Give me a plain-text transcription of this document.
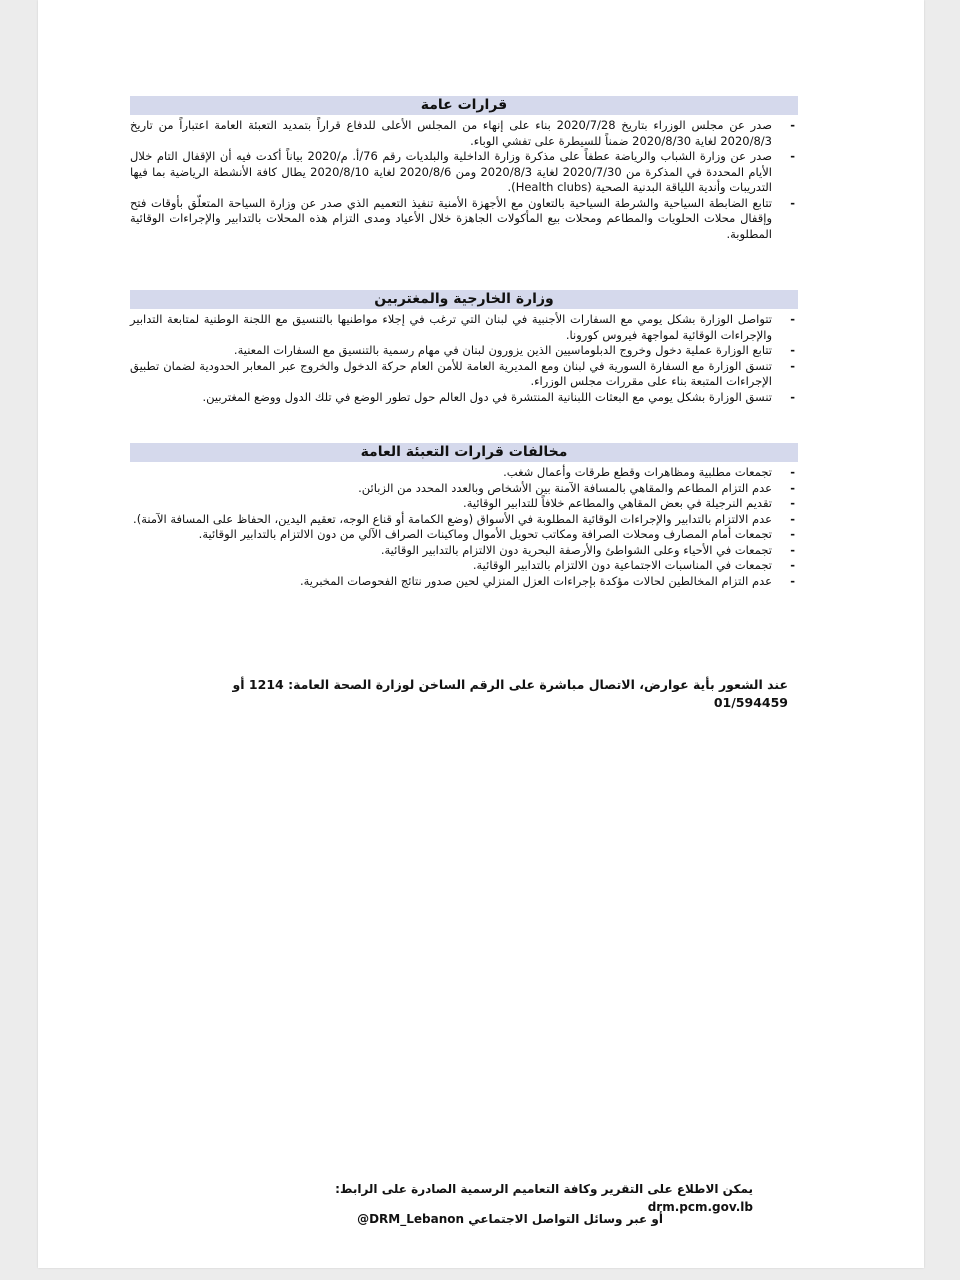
قرارات عامة
- صدر عن مجلس الوزراء بتاريخ 2020/7/28 بناء على إنهاء من المجلس الأعلى للدفاع قراراً بتمديد التعبئة العامة اعتباراً من تاريخ 2020/8/3 لغاية 2020/8/30 ضمناً للسيطرة على تفشي الوباء.
- صدر عن وزارة الشباب والرياضة عطفاً على مذكرة وزارة الداخلية والبلديات رقم 76/أ. م/2020 بياناً أكدت فيه أن الإقفال التام خلال الأيام المحددة في المذكرة من 2020/7/30 لغاية 2020/8/3 ومن 2020/8/6 لغاية 2020/8/10 يطال كافة الأنشطة الرياضية بما فيها التدريبات وأندية اللياقة البدنية الصحية (Health clubs).
- تتابع الضابطة السياحية والشرطة السياحية بالتعاون مع الأجهزة الأمنية تنفيذ التعميم الذي صدر عن وزارة السياحة المتعلّق بأوقات فتح وإقفال محلات الحلويات والمطاعم ومحلات بيع المأكولات الجاهزة خلال الأعياد ومدى التزام هذه المحلات بالتدابير والإجراءات الوقائية المطلوبة.
وزارة الخارجية والمغتربين
- تتواصل الوزارة بشكل يومي مع السفارات الأجنبية في لبنان التي ترغب في إجلاء مواطنيها بالتنسيق مع اللجنة الوطنية لمتابعة التدابير والإجراءات الوقائية لمواجهة فيروس كورونا.
- تتابع الوزارة عملية دخول وخروج الدبلوماسيين الذين يزورون لبنان في مهام رسمية بالتنسيق مع السفارات المعنية.
- تنسق الوزارة مع السفارة السورية في لبنان ومع المديرية العامة للأمن العام حركة الدخول والخروج عبر المعابر الحدودية لضمان تطبيق الإجراءات المتبعة بناء على مقررات مجلس الوزراء.
- تنسق الوزارة بشكل يومي مع البعثات اللبنانية المنتشرة في دول العالم حول تطور الوضع في تلك الدول ووضع المغتربين.
مخالفات قرارات التعبئة العامة
- تجمعات مطلبية ومظاهرات وقطع طرقات وأعمال شغب.
- عدم التزام المطاعم والمقاهي بالمسافة الآمنة بين الأشخاص وبالعدد المحدد من الزبائن.
- تقديم النرجيلة في بعض المقاهي والمطاعم خلافاً للتدابير الوقائية.
- عدم الالتزام بالتدابير والإجراءات الوقائية المطلوبة في الأسواق (وضع الكمامة أو قناع الوجه، تعقيم اليدين، الحفاظ على المسافة الآمنة).
- تجمعات أمام المصارف ومحلات الصرافة ومكاتب تحويل الأموال وماكينات الصراف الآلي من دون الالتزام بالتدابير الوقائية.
- تجمعات في الأحياء وعلى الشواطئ والأرصفة البحرية دون الالتزام بالتدابير الوقائية.
- تجمعات في المناسبات الاجتماعية دون الالتزام بالتدابير الوقائية.
- عدم التزام المخالطين لحالات مؤكدة بإجراءات العزل المنزلي لحين صدور نتائج الفحوصات المخبرية.
عند الشعور بأية عوارض، الاتصال مباشرة على الرقم الساخن لوزارة الصحة العامة: 1214 أو 01/594459
يمكن الاطلاع على التقرير وكافة التعاميم الرسمية الصادرة على الرابط: drm.pcm.gov.lb
أو عبر وسائل التواصل الاجتماعي @DRM_Lebanon
